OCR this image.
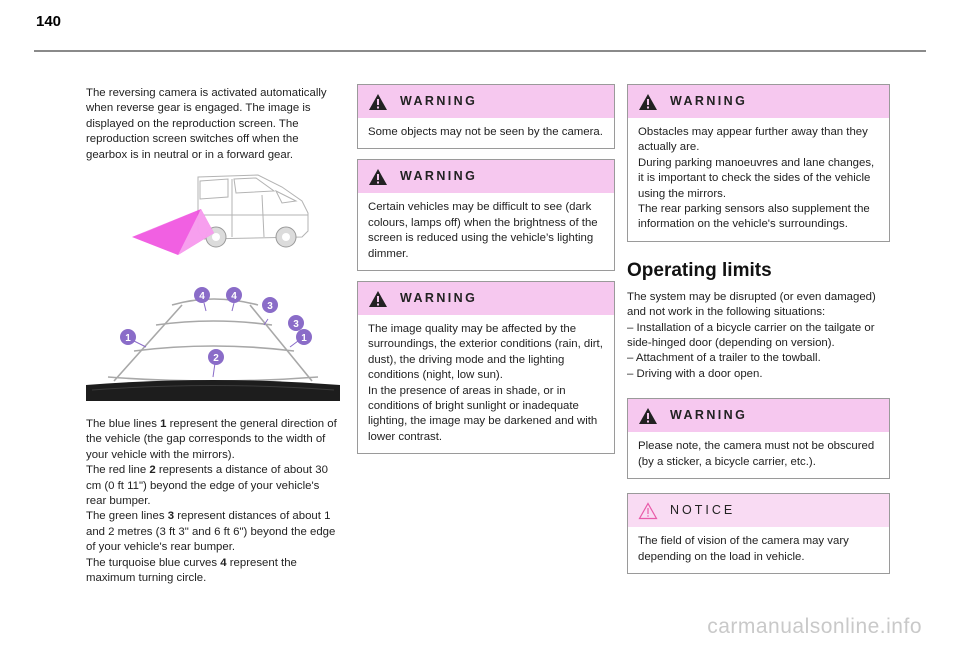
140

The reversing camera is activated automatically when reverse gear is engaged. The image is displayed on the reproduction screen. The reproduction screen switches off when the gearbox is in neutral or in a forward gear.

1	1
2
3
3
4	4
The blue lines 1 represent the general direction of the vehicle (the gap corresponds to the width of your vehicle with the mirrors).
The red line 2 represents a distance of about 30 cm (0 ft 11") beyond the edge of your vehicle's rear bumper.
The green lines 3 represent distances of about 1 and 2 metres (3 ft 3" and 6 ft 6") beyond the edge of your vehicle's rear bumper.
The turquoise blue curves 4 represent the maximum turning circle.
WARNING
Some objects may not be seen by the camera.
WARNING
Certain vehicles may be difficult to see (dark colours, lamps off) when the brightness of the screen is reduced using the vehicle’s lighting dimmer.
WARNING
The image quality may be affected by the surroundings, the exterior conditions (rain, dirt, dust), the driving mode and the lighting conditions (night, low sun).
In the presence of areas in shade, or in conditions of bright sunlight or inadequate lighting, the image may be darkened and with lower contrast.
WARNING
Obstacles may appear further away than they actually are.
During parking manoeuvres and lane changes, it is important to check the sides of the vehicle using the mirrors.
The rear parking sensors also supplement the information on the vehicle's surroundings.
Operating limits
The system may be disrupted (or even damaged) and not work in the following situations:
– Installation of a bicycle carrier on the tailgate or side-hinged door (depending on version).
– Attachment of a trailer to the towball.
– Driving with a door open.
WARNING
Please note, the camera must not be obscured (by a sticker, a bicycle carrier, etc.).
NOTICE
The field of vision of the camera may vary depending on the load in vehicle.
carmanualsonline.info
